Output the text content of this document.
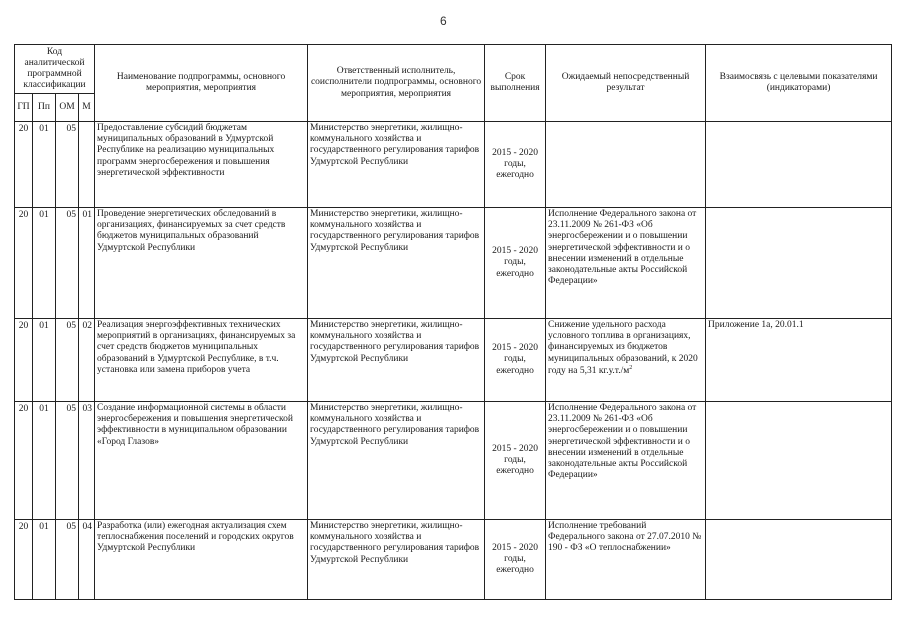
6
Код аналитической программной классификации				Наименование подпрограммы, основного мероприятия, мероприятия	Ответственный исполнитель, соисполнители подпрограммы, основного мероприятия, мероприятия	Срок выполнения	Ожидаемый непосредственный результат	Взаимосвязь с целевыми показателями (индикаторами)
ГП	Пп	ОМ	М					
20	01	05		Предоставление субсидий бюджетам муниципальных образований в Удмуртской Республике на реализацию муниципальных программ энергосбережения и повышения энергетической эффективности	Министерство энергетики, жилищно-коммунального хозяйства и государственного регулирования тарифов Удмуртской Республики	2015 - 2020 годы, ежегодно		
20	01	05	01	Проведение энергетических обследований в организациях, финансируемых за счет средств бюджетов муниципальных образований Удмуртской Республики	Министерство энергетики, жилищно-коммунального хозяйства и государственного регулирования тарифов Удмуртской Республики	2015 - 2020 годы, ежегодно	Исполнение Федерального закона от 23.11.2009 № 261-ФЗ «Об энергосбережении и о повышении энергетической эффективности и о внесении изменений в отдельные законодательные акты Российской Федерации»	
20	01	05	02	Реализация энергоэффективных технических мероприятий в организациях, финансируемых за счет средств бюджетов муниципальных образований в Удмуртской Республике, в т.ч. установка или замена приборов учета	Министерство энергетики, жилищно-коммунального хозяйства и государственного регулирования тарифов Удмуртской Республики	2015 - 2020 годы, ежегодно	Снижение удельного расхода условного топлива в организациях, финансируемых из бюджетов муниципальных образований, к 2020 году на 5,31 $кг.у.т./м^2$	Приложение 1а, 20.01.1
20	01	05	03	Создание информационной системы в области энергосбережения и повышения энергетической эффективности в муниципальном образовании «Город Глазов»	Министерство энергетики, жилищно-коммунального хозяйства и государственного регулирования тарифов Удмуртской Республики	2015 - 2020 годы, ежегодно	Исполнение Федерального закона от 23.11.2009 № 261-ФЗ «Об энергосбережении и о повышении энергетической эффективности и о внесении изменений в отдельные законодательные акты Российской Федерации»	
20	01	05	04	Разработка (или) ежегодная актуализация схем теплоснабжения поселений и городских округов Удмуртской Республики	Министерство энергетики, жилищно-коммунального хозяйства и государственного регулирования тарифов Удмуртской Республики	2015 - 2020 годы, ежегодно	Исполнение требований Федерального закона от 27.07.2010 № 190 - ФЗ «О теплоснабжении»	
